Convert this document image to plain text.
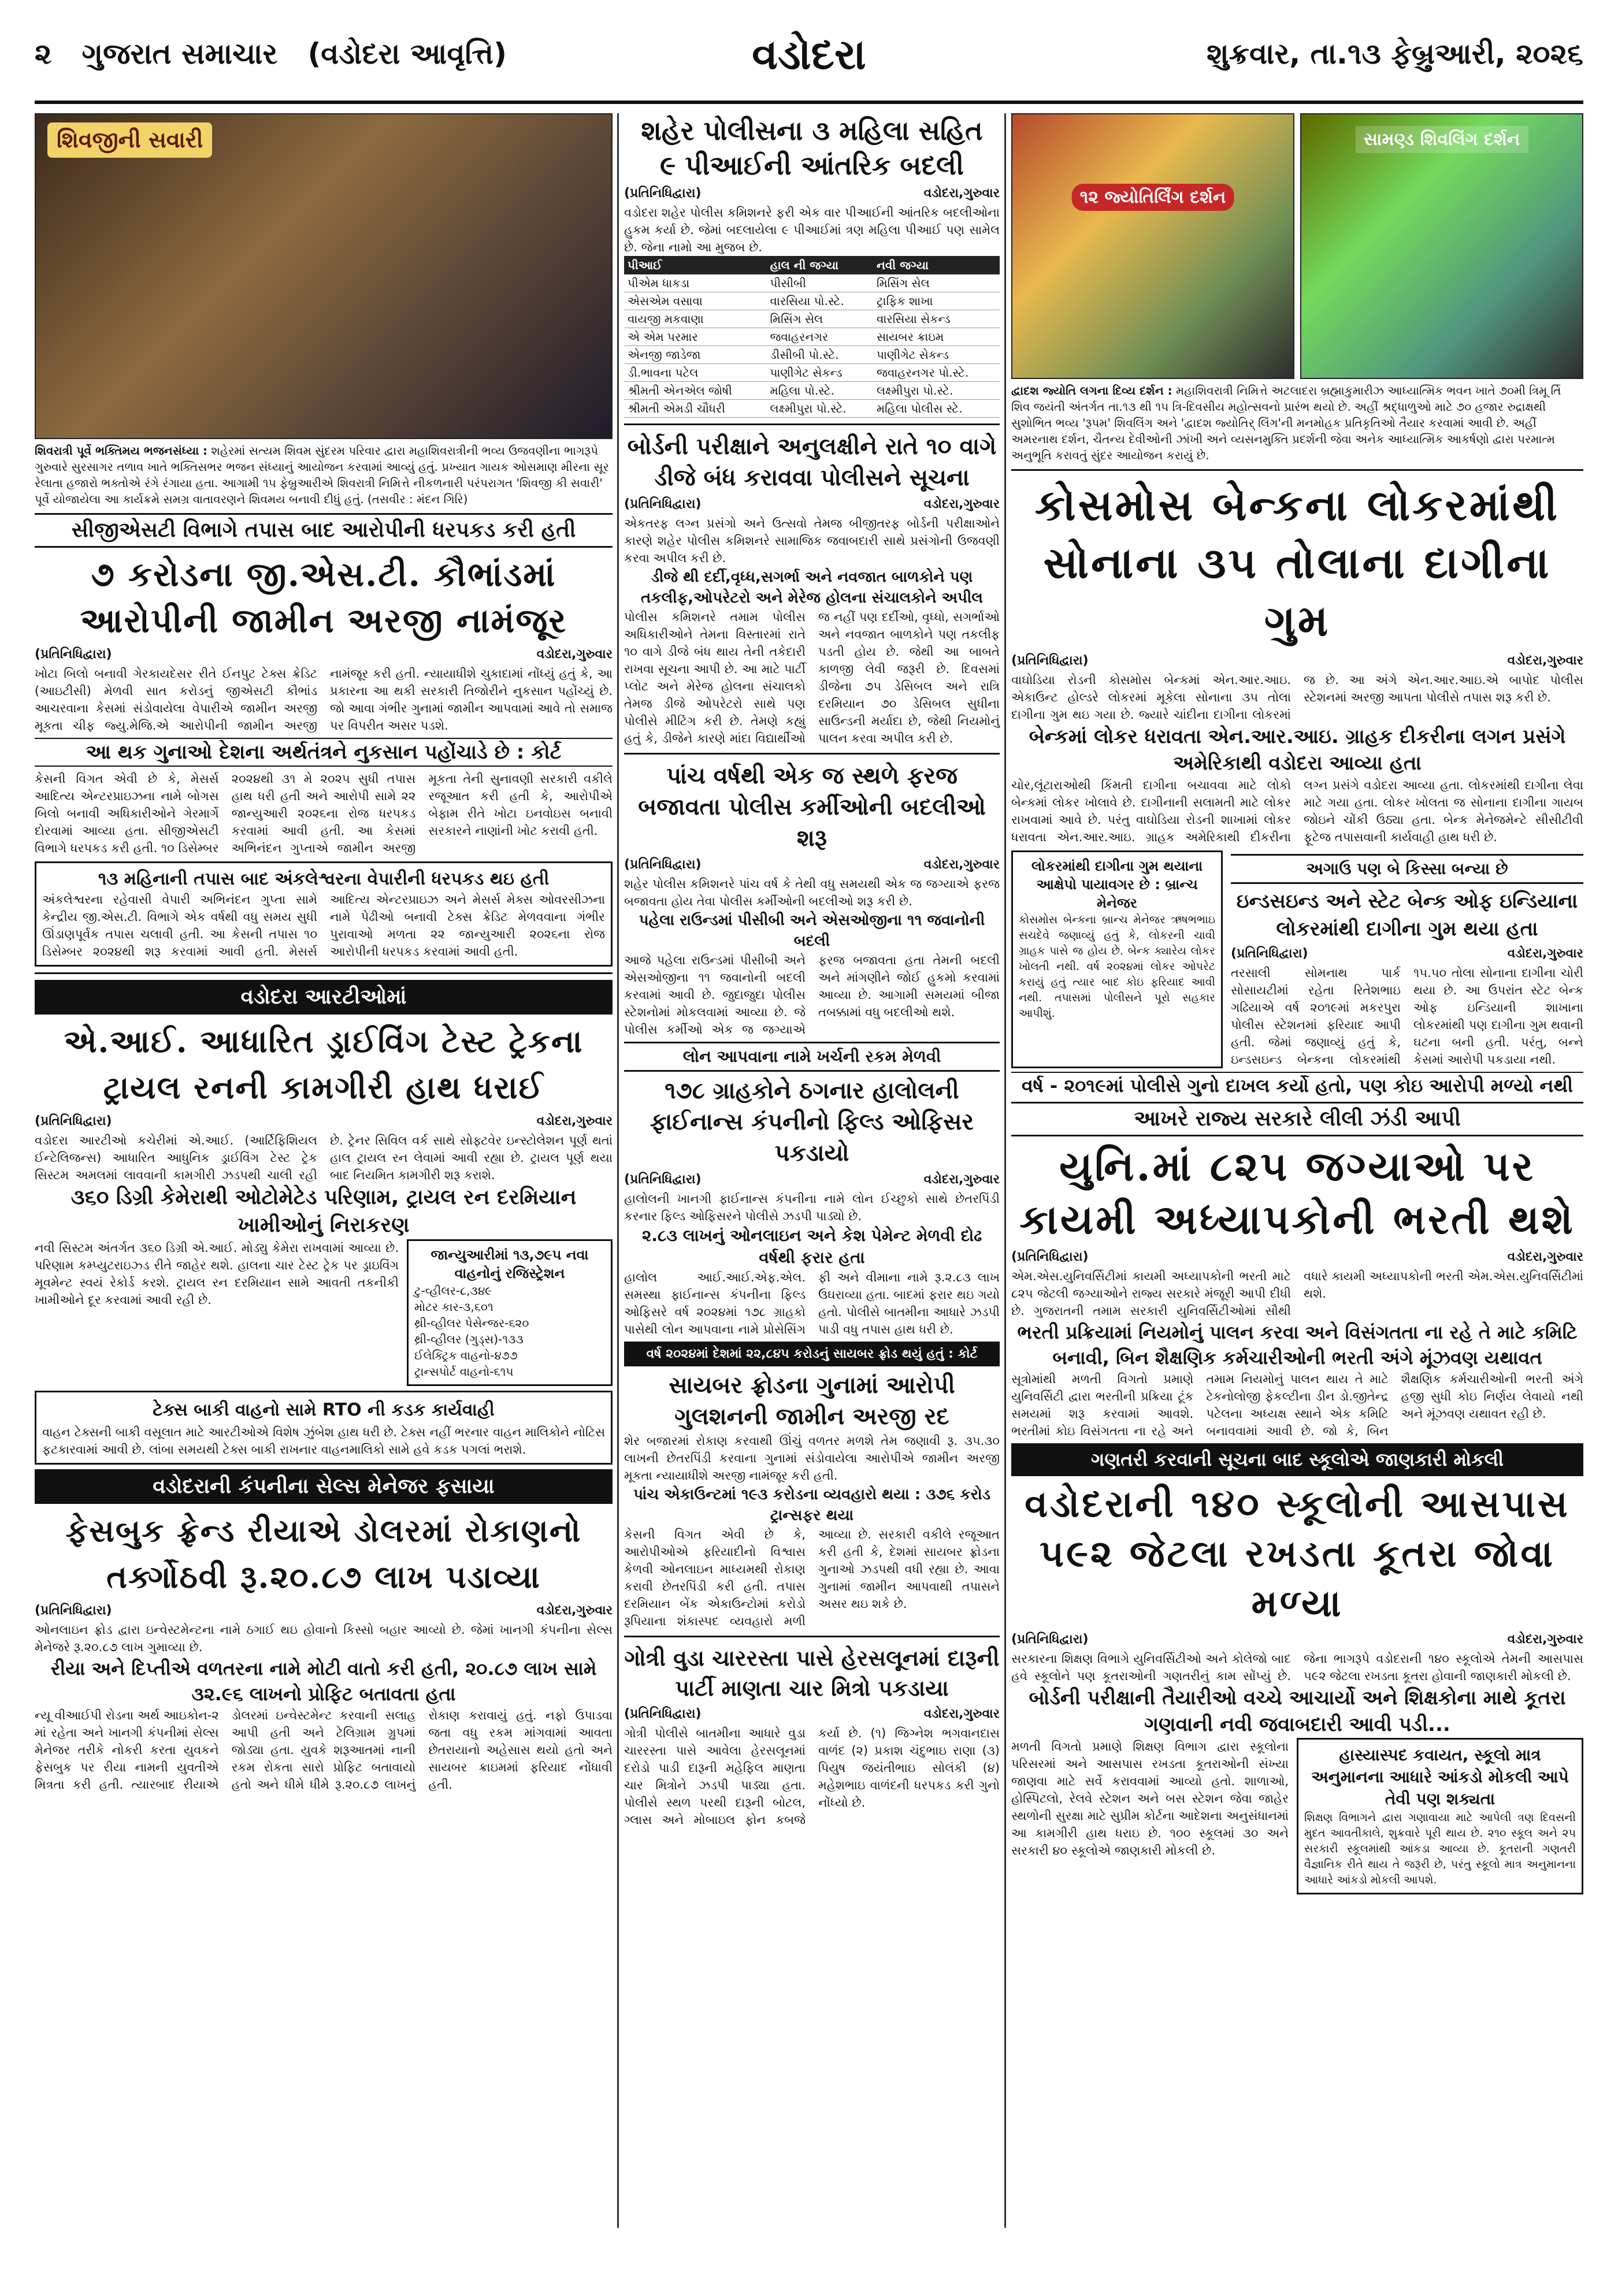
૨ ગુજરાત સમાચાર (વડોદરા આવૃત્તિ)	વડોદરા	શુક્રવાર, તા.૧૩ ફેબ્રુઆરી, ૨૦૨૬
શિવજીની સવારી
શિવરાત્રી પૂર્વે ભક્તિમય ભજનસંધ્યા : શહેરમાં સત્યમ શિવમ સુંદરમ પરિવાર દ્વારા મહાશિવરાત્રીની ભવ્ય ઉજવણીના ભાગરૂપે ગુરુવારે સુરસાગર તળાવ ખાતે ભક્તિસભર ભજન સંધ્યાનું આયોજન કરવામાં આવ્યું હતું. પ્રખ્યાત ગાયક ઓસમાણ મીરના સૂર રેલાતા હજારો ભક્તોએ રંગે રંગાયા હતા. આગામી ૧૫ ફેબ્રુઆરીએ શિવરાત્રી નિમિત્તે નીકળનારી પરંપરાગત 'શિવજી કી સવારી' પૂર્વે યોજાયેલા આ કાર્યક્રમે સમગ્ર વાતાવરણને શિવમય બનાવી દીધું હતું. (તસવીર : મંદન ગિરિ)
સીજીએસટી વિભાગે તપાસ બાદ આરોપીની ધરપકડ કરી હતી
૭ કરોડના જી.એસ.ટી. કૌભાંડમાં
આરોપીની જામીન અરજી નામંજૂર
(પ્રતિનિધિદ્વારા)	વડોદરા,ગુરુવાર
ખોટા બિલો બનાવી ગેરકાયદેસર રીતે ઈનપુટ ટેક્સ ક્રેડિટ (આઇટીસી) મેળવી સાત કરોડનું જીએસટી કૌભાંડ આચરવાના કેસમાં સંડોવાયેલા વેપારીએ જામીન અરજી મૂકતા ચીફ જ્યુ.મેજિ.એ આરોપીની જામીન અરજી નામંજૂર કરી હતી. ન્યાયાધીશે ચુકાદામાં નોંધ્યું હતું કે, આ પ્રકારના આ થકી સરકારી તિજોરીને નુકસાન પહોંચ્યું છે. જો આવા ગંભીર ગુનામાં જામીન આપવામાં આવે તો સમાજ પર વિપરીત અસર પડશે.
આ થક ગુનાઓ દેશના અર્થતંત્રને નુકસાન પહોંચાડે છે : કોર્ટ
કેસની વિગત એવી છે કે, મેસર્સ આદિત્ય એન્ટરપ્રાઇઝના નામે બોગસ બિલો બનાવી અધિકારીઓને ગેરમાર્ગે દોરવામાં આવ્યા હતા. સીજીએસટી વિભાગે ધરપકડ કરી હતી. ૧૦ ડિસેમ્બર ૨૦૨૪થી ૩૧ મે ૨૦૨૫ સુધી તપાસ હાથ ધરી હતી અને આરોપી સામે ૨૨ જાન્યુઆરી ૨૦૨૬ના રોજ ધરપકડ કરવામાં આવી હતી. આ કેસમાં અભિનંદન ગુપ્તાએ જામીન અરજી મૂકતા તેની સુનાવણી સરકારી વકીલે રજૂઆત કરી હતી કે, આરોપીએ બેફામ રીતે ખોટા ઇનવોઇસ બનાવી સરકારને નાણાંની ખોટ કરાવી હતી.
૧૩ મહિનાની તપાસ બાદ અંકલેશ્વરના વેપારીની ધરપકડ થઇ હતી
અંકલેશ્વરના રહેવાસી વેપારી અભિનંદન ગુપ્તા સામે કેન્દ્રીય જી.એસ.ટી. વિભાગે એક વર્ષથી વધુ સમય સુધી ઊંડાણપૂર્વક તપાસ ચલાવી હતી. આ કેસની તપાસ ૧૦ ડિસેમ્બર ૨૦૨૪થી શરૂ કરવામાં આવી હતી. મેસર્સ આદિત્ય એન્ટરપ્રાઇઝ અને મેસર્સ મેક્સ ઓવરસીઝના નામે પેઢીઓ બનાવી ટેક્સ ક્રેડિટ મેળવવાના ગંભીર પુરાવાઓ મળતા ૨૨ જાન્યુઆરી ૨૦૨૬ના રોજ આરોપીની ધરપકડ કરવામાં આવી હતી.
વડોદરા આરટીઓમાં
એ.આઈ. આધારિત ડ્રાઈવિંગ ટેસ્ટ ટ્રેકના
ટ્રાયલ રનની કામગીરી હાથ ધરાઈ
(પ્રતિનિધિદ્વારા)	વડોદરા,ગુરુવાર
વડોદરા આરટીઓ કચેરીમાં એ.આઈ. (આર્ટિફિશિયલ ઈન્ટેલિજન્સ) આધારિત આધુનિક ડ્રાઈવિંગ ટેસ્ટ ટ્રેક સિસ્ટમ અમલમાં લાવવાની કામગીરી ઝડપથી ચાલી રહી છે. ટ્રેનર સિવિલ વર્ક સાથે સોફ્ટવેર ઇન્સ્ટોલેશન પૂર્ણ થતાં હાલ ટ્રાયલ રન લેવામાં આવી રહ્યા છે. ટ્રાયલ પૂર્ણ થયા બાદ નિયમિત કામગીરી શરૂ કરાશે.
૩૬૦ ડિગ્રી કેમેરાથી ઓટોમેટેડ પરિણામ, ટ્રાયલ રન દરમિયાન ખામીઓનું નિરાકરણ
નવી સિસ્ટમ અંતર્ગત ૩૬૦ ડિગ્રી એ.આઈ. મોડ્યુ કેમેરા રાખવામાં આવ્યા છે. પરિણામ કમ્પ્યુટરાઇઝ્ડ રીતે જાહેર થશે. હાલના ચાર ટેસ્ટ ટ્રેક પર ડ્રાઇવિંગ મૂવમેન્ટ સ્વયં રેકોર્ડ કરશે. ટ્રાયલ રન દરમિયાન સામે આવતી તકનીકી ખામીઓને દૂર કરવામાં આવી રહી છે.
જાન્યુઆરીમાં ૧૩,૭૯૫ નવા વાહનોનું રજિસ્ટ્રેશન
ટુ-વ્હીલર-૮,૩૪૯
મોટર કાર-૩,૬૦૧
થ્રી-વ્હીલર પેસેન્જર-૬૨૦
થ્રી-વ્હીલર (ગુડ્સ)-૧૩૩
ઈલેક્ટ્રિક વાહનો-૪૭૭
ટ્રાન્સપોર્ટ વાહનો-૬૧૫
ટેક્સ બાકી વાહનો સામે RTO ની કડક કાર્યવાહી
વાહન ટેક્સની બાકી વસૂલાત માટે આરટીઓએ વિશેષ ઝુંબેશ હાથ ધરી છે. ટેક્સ નહીં ભરનાર વાહન માલિકોને નોટિસ ફટકારવામાં આવી છે. લાંબા સમયથી ટેક્સ બાકી રાખનાર વાહનમાલિકો સામે હવે કડક પગલાં ભરાશે.
વડોદરાની કંપનીના સેલ્સ મેનેજર ફસાયા
ફેસબુક ફ્રેન્ડ રીયાએ ડોલરમાં રોકાણનો
તર્ક્ગોઠવી રૂ.૨૦.૮૭ લાખ પડાવ્યા
(પ્રતિનિધિદ્વારા)	વડોદરા,ગુરુવાર
ઓનલાઇન ફ્રોડ દ્વારા ઇન્વેસ્ટમેન્ટના નામે ઠગાઈ થઇ હોવાનો કિસ્સો બહાર આવ્યો છે. જેમાં ખાનગી કંપનીના સેલ્સ મેનેજરે રૂ.૨૦.૮૭ લાખ ગુમાવ્યા છે.
રીયા અને દિપ્તીએ વળતરના નામે મોટી વાતો કરી હતી, ૨૦.૮૭ લાખ સામે ૩૨.૯૬ લાખનો પ્રોફિટ બતાવતા હતા
ન્યૂ વીઆઈપી રોડના અર્થ આઇકોન-૨ માં રહેતા અને ખાનગી કંપનીમાં સેલ્સ મેનેજર તરીકે નોકરી કરતા યુવકને ફેસબુક પર રીયા નામની યુવતીએ મિત્રતા કરી હતી. ત્યારબાદ રીયાએ ડોલરમાં ઇન્વેસ્ટમેન્ટ કરવાની સલાહ આપી હતી અને ટેલિગ્રામ ગ્રુપમાં જોડ્યા હતા. યુવકે શરૂઆતમાં નાની રકમ રોકતા સારો પ્રોફિટ બતાવાયો હતો અને ધીમે ધીમે રૂ.૨૦.૮૭ લાખનું રોકાણ કરાવાયું હતું. નફો ઉપાડવા જતા વધુ રકમ માંગવામાં આવતા છેતરાયાનો અહેસાસ થયો હતો અને સાયબર ક્રાઇમમાં ફરિયાદ નોંધાવી હતી.
શહેર પોલીસના ૩ મહિલા સહિત
૯ પીઆઈની આંતરિક બદલી
(પ્રતિનિધિદ્વારા)	વડોદરા,ગુરુવાર
વડોદરા શહેર પોલીસ કમિશનરે ફરી એક વાર પીઆઈની આંતરિક બદલીઓના હુકમ કર્યા છે. જેમાં બદલાયેલા ૯ પીઆઈમાં ત્રણ મહિલા પીઆઈ પણ સામેલ છે. જેના નામો આ મુજબ છે.
પીઆઈ	હાલ ની જગ્યા	નવી જગ્યા
પીએમ ધાકડા	પીસીબી	મિસિંગ સેલ
એસએમ વસાવા	વારસિયા પો.સ્ટે.	ટ્રાફિક શાખા
વાયજી મકવાણા	મિસિંગ સેલ	વારસિયા સેકન્ડ
એ એમ પરમાર	જવાહરનગર	સાયબર ક્રાઇમ
એનજી જાડેજા	ડીસીબી પો.સ્ટે.	પાણીગેટ સેકન્ડ
ડી.ભાવના પટેલ	પાણીગેટ સેકન્ડ	જવાહરનગર પો.સ્ટે.
શ્રીમતી એનએલ જોષી	મહિલા પો.સ્ટે.	લક્ષ્મીપુરા પો.સ્ટે.
શ્રીમતી એમડી ચૌધરી	લક્ષ્મીપુરા પો.સ્ટે.	મહિલા પોલીસ સ્ટે.
બોર્ડની પરીક્ષાને અનુલક્ષીને રાતે ૧૦ વાગે ડીજે બંધ કરાવવા પોલીસને સૂચના
(પ્રતિનિધિદ્વારા)	વડોદરા,ગુરુવાર
એકતરફ લગ્ન પ્રસંગો અને ઉત્સવો તેમજ બીજીતરફ બોર્ડની પરીક્ષાઓને કારણે શહેર પોલીસ કમિશનરે સામાજિક જવાબદારી સાથે પ્રસંગોની ઉજવણી કરવા અપીલ કરી છે.
ડીજે થી દર્દી,વૃધ્ધ,સગર્ભા અને નવજાત બાળકોને પણ તકલીફ,ઓપરેટરો અને મેરેજ હોલના સંચાલકોને અપીલ
પોલીસ કમિશનરે તમામ પોલીસ અધિકારીઓને તેમના વિસ્તારમાં રાતે ૧૦ વાગે ડીજે બંધ થાય તેની તકેદારી રાખવા સૂચના આપી છે. આ માટે પાર્ટી પ્લોટ અને મેરેજ હોલના સંચાલકો તેમજ ડીજે ઓપરેટરો સાથે પણ પોલીસે મીટિંગ કરી છે. તેમણે કહ્યું હતું કે, ડીજેને કારણે માંદા વિદ્યાર્થીઓ જ નહીં પણ દર્દીઓ, વૃધ્ધો, સગર્ભાઓ અને નવજાત બાળકોને પણ તકલીફ પડતી હોય છે. જેથી આ બાબતે કાળજી લેવી જરૂરી છે. દિવસમાં ડીજેના ૭૫ ડેસિબલ અને રાત્રિ દરમિયાન ૭૦ ડેસિબલ સુધીના સાઉન્ડની મર્યાદા છે, જેથી નિયમોનું પાલન કરવા અપીલ કરી છે.
પાંચ વર્ષથી એક જ સ્થળે ફરજ બજાવતા પોલીસ કર્મીઓની બદલીઓ શરૂ
(પ્રતિનિધિદ્વારા)	વડોદરા,ગુરુવાર
શહેર પોલીસ કમિશનરે પાંચ વર્ષ કે તેથી વધુ સમયથી એક જ જગ્યાએ ફરજ બજાવતા હોય તેવા પોલીસ કર્મીઓની બદલીઓ શરૂ કરી છે.
પહેલા રાઉન્ડમાં પીસીબી અને એસઓજીના ૧૧ જવાનોની બદલી
આજે પહેલા રાઉન્ડમાં પીસીબી અને એસઓજીના ૧૧ જવાનોની બદલી કરવામાં આવી છે. જુદાજુદા પોલીસ સ્ટેશનોમાં મોકલવામાં આવ્યા છે. જે પોલીસ કર્મીઓ એક જ જગ્યાએ ફરજ બજાવતા હતા તેમની બદલી અને માંગણીને જોઈ હુકમો કરવામાં આવ્યા છે. આગામી સમયમાં બીજા તબક્કામાં વધુ બદલીઓ થશે.
લોન આપવાના નામે ખર્ચની રકમ મેળવી
૧૭૮ ગ્રાહકોને ઠગનાર હાલોલની ફાઈનાન્સ કંપનીનો ફિલ્ડ ઓફિસર પકડાયો
(પ્રતિનિધિદ્વારા)	વડોદરા,ગુરુવાર
હાલોલની ખાનગી ફાઈનાન્સ કંપનીના નામે લોન ઈચ્છુકો સાથે છેતરપિંડી કરનાર ફિલ્ડ ઓફિસરને પોલીસે ઝડપી પાડ્યો છે.
૨.૮૩ લાખનું ઓનલાઇન અને કેશ પેમેન્ટ મેળવી દોઢ વર્ષથી ફરાર હતા
હાલોલ આઈ.આઈ.એફ.એલ. સમસ્થા ફાઈનાન્સ કંપનીના ફિલ્ડ ઓફિસરે વર્ષ ૨૦૨૪માં ૧૭૮ ગ્રાહકો પાસેથી લોન આપવાના નામે પ્રોસેસિંગ ફી અને વીમાના નામે રૂ.૨.૮૩ લાખ ઉઘરાવ્યા હતા. બાદમાં ફરાર થઇ ગયો હતો. પોલીસે બાતમીના આધારે ઝડપી પાડી વધુ તપાસ હાથ ધરી છે.
વર્ષ ૨૦૨૪માં દેશમાં ૨૨,૮૪૫ કરોડનું સાયબર ફ્રોડ થયું હતું : કોર્ટ
સાયબર ફ્રોડના ગુનામાં આરોપી ગુલશનની જામીન અરજી રદ
શેર બજારમાં રોકાણ કરવાથી ઊંચું વળતર મળશે તેમ જણાવી રૂ. ૩૫.૩૦ લાખની છેતરપિંડી કરવાના ગુનામાં સંડોવાયેલા આરોપીએ જામીન અરજી મૂકતા ન્યાયાધીશે અરજી નામંજૂર કરી હતી.
પાંચ એકાઉન્ટમાં ૧૯૩ કરોડના વ્યવહારો થયા : ૩૭૬ કરોડ ટ્રાન્સફર થયા
કેસની વિગત એવી છે કે, આરોપીઓએ ફરિયાદીનો વિશ્વાસ કેળવી ઓનલાઇન માધ્યમથી રોકાણ કરાવી છેતરપિંડી કરી હતી. તપાસ દરમિયાન બેંક એકાઉન્ટોમાં કરોડો રૂપિયાના શંકાસ્પદ વ્યવહારો મળી આવ્યા છે. સરકારી વકીલે રજૂઆત કરી હતી કે, દેશમાં સાયબર ફ્રોડના ગુનાઓ ઝડપથી વધી રહ્યા છે. આવા ગુનામાં જામીન આપવાથી તપાસને અસર થઇ શકે છે.
ગોત્રી વુડા ચારરસ્તા પાસે હેરસલૂનમાં દારૂની પાર્ટી માણતા ચાર મિત્રો પકડાયા
(પ્રતિનિધિદ્વારા)	વડોદરા,ગુરુવાર
ગોત્રી પોલીસે બાતમીના આધારે વુડા ચારરસ્તા પાસે આવેલા હેરસલૂનમાં દરોડો પાડી દારૂની મહેફિલ માણતા ચાર મિત્રોને ઝડપી પાડ્યા હતા. પોલીસે સ્થળ પરથી દારૂની બોટલ, ગ્લાસ અને મોબાઇલ ફોન કબજે કર્યા છે. (૧) જિગ્નેશ ભગવાનદાસ વાળંદ (૨) પ્રકાશ ચંદુભાઇ રાણા (૩) પિયુષ જયંતીભાઇ સોલંકી (૪) મહેશભાઇ વાળંદની ધરપકડ કરી ગુનો નોંધ્યો છે.
૧૨ જ્યોતિર્લિંગ દર્શન
સામણ્ડ શિવલિંગ દર્શન
દ્વાદશ જ્યોતિ લગના દિવ્ય દર્શન : મહાશિવરાત્રી નિમિત્તે અટલાદરા બ્રહ્માકુમારીઝ આધ્યાત્મિક ભવન ખાતે ૭૦મી ત્રિમૂ ર્તિ શિવ જયંતી અંતર્ગત તા.૧૩ થી ૧૫ ત્રિ-દિવસીય મહોત્સવનો પ્રારંભ થયો છે. અહીં શ્રદ્ધાળુઓ માટે ૭૦ હજાર રુદ્રાક્ષથી સુશોભિત ભવ્ય 'રૂપમ' શિવલિંગ અને 'દ્વાદશ જ્યોતિર્ લિંગ'ની મનમોહક પ્રતિકૃતિઓ તૈયાર કરવામાં આવી છે. અહીં અમરનાથ દર્શન, ચૈતન્ય દેવીઓની ઝાંખી અને વ્યસનમુક્તિ પ્રદર્શની જેવા અનેક આધ્યાત્મિક આકર્ષણો દ્વારા પરમાત્મ અનુભૂતિ કરાવતું સુંદર આયોજન કરાયું છે.
કોસમોસ બેન્કના લોકરમાંથી
સોનાના ૩૫ તોલાના દાગીના ગુમ
(પ્રતિનિધિદ્વારા)	વડોદરા,ગુરુવાર
વાઘોડિયા રોડની કોસમોસ બેન્કમાં એન.આર.આઇ. એકાઉન્ટ હોલ્ડરે લોકરમાં મૂકેલા સોનાના ૩૫ તોલા દાગીના ગુમ થઇ ગયા છે. જ્યારે ચાંદીના દાગીના લોકરમાં જ છે. આ અંગે એન.આર.આઇ.એ બાપોદ પોલીસ સ્ટેશનમાં અરજી આપતા પોલીસે તપાસ શરૂ કરી છે.
બેન્કમાં લોકર ધરાવતા એન.આર.આઇ. ગ્રાહક દીકરીના લગન પ્રસંગે અમેરિકાથી વડોદરા આવ્યા હતા
ચોર,લૂંટારાઓથી કિંમતી દાગીના બચાવવા માટે લોકો બેન્કમાં લોકર ખોલાવે છે. દાગીનાની સલામતી માટે લોકર રાખવામાં આવે છે. પરંતુ વાઘોડિયા રોડની શાખામાં લોકર ધરાવતા એન.આર.આઇ. ગ્રાહક અમેરિકાથી દીકરીના લગ્ન પ્રસંગે વડોદરા આવ્યા હતા. લોકરમાંથી દાગીના લેવા માટે ગયા હતા. લોકર ખોલતા જ સોનાના દાગીના ગાયબ જોઇને ચોંકી ઉઠ્યા હતા. બેન્ક મેનેજમેન્ટે સીસીટીવી ફૂટેજ તપાસવાની કાર્યવાહી હાથ ધરી છે.
લોકરમાંથી દાગીના ગુમ થયાના આક્ષેપો પાયાવગર છે : બ્રાન્ચ મેનેજર
કોસમોસ બેન્કના બ્રાન્ચ મેનેજર ઋષભભાઇ સચદેવે જણાવ્યું હતું કે, લોકરની ચાવી ગ્રાહક પાસે જ હોય છે. બેન્ક ક્યારેય લોકર ખોલતી નથી. વર્ષ ૨૦૨૪માં લોકર ઓપરેટ કરાયું હતું ત્યાર બાદ કોઇ ફરિયાદ આવી નથી. તપાસમાં પોલીસને પૂરો સહકાર આપીશું.
અગાઉ પણ બે કિસ્સા બન્યા છે
ઇન્ડસઇન્ડ અને સ્ટેટ બેન્ક ઓફ ઇન્ડિયાના લોકરમાંથી દાગીના ગુમ થયા હતા
(પ્રતિનિધિદ્વારા)	વડોદરા,ગુરુવાર
તરસાલી સોમનાથ પાર્ક સોસાયટીમાં રહેતા રિતેશભાઇ ગઢિયાએ વર્ષ ૨૦૧૯માં મકરપુરા પોલીસ સ્ટેશનમાં ફરિયાદ આપી હતી. જેમાં જણાવ્યું હતું કે, ઇન્ડસઇન્ડ બેન્કના લોકરમાંથી ૧૫.૫૦ તોલા સોનાના દાગીના ચોરી થયા છે. આ ઉપરાંત સ્ટેટ બેન્ક ઓફ ઇન્ડિયાની શાખાના લોકરમાંથી પણ દાગીના ગુમ થવાની ઘટના બની હતી. પરંતુ, બન્ને કેસમાં આરોપી પકડાયા નથી.
વર્ષ - ૨૦૧૯માં પોલીસે ગુનો દાખલ કર્યો હતો, પણ કોઇ આરોપી મળ્યો નથી
આખરે રાજ્ય સરકારે લીલી ઝંડી આપી
યુનિ.માં ૮૨૫ જગ્યાઓ પર
કાયમી અધ્યાપકોની ભરતી થશે
(પ્રતિનિધિદ્વારા)	વડોદરા,ગુરુવાર
એમ.એસ.યુનિવર્સિટીમાં કાયમી અધ્યાપકોની ભરતી માટે ૮૨૫ જેટલી જગ્યાઓને રાજ્ય સરકારે મંજૂરી આપી દીધી છે. ગુજરાતની તમામ સરકારી યુનિવર્સિટીઓમાં સૌથી વધારે કાયમી અધ્યાપકોની ભરતી એમ.એસ.યુનિવર્સિટીમાં થશે.
ભરતી પ્રક્રિયામાં નિયમોનું પાલન કરવા અને વિસંગતતા ના રહે તે માટે કમિટિ બનાવી, બિન શૈક્ષણિક કર્મચારીઓની ભરતી અંગે મૂંઝવણ યથાવત
સૂત્રોમાંથી મળતી વિગતો પ્રમાણે યુનિવર્સિટી દ્વારા ભરતીની પ્રક્રિયા ટૂંક સમયમાં શરૂ કરવામાં આવશે. ભરતીમાં કોઇ વિસંગતતા ના રહે અને તમામ નિયમોનું પાલન થાય તે માટે ટેકનોલોજી ફેકલ્ટીના ડીન ડો.જીતેન્દ્ર પટેલના અધ્યક્ષ સ્થાને એક કમિટિ બનાવવામાં આવી છે. જો કે, બિન શૈક્ષણિક કર્મચારીઓની ભરતી અંગે હજી સુધી કોઇ નિર્ણય લેવાયો નથી અને મૂંઝવણ યથાવત રહી છે.
ગણતરી કરવાની સૂચના બાદ સ્કૂલોએ જાણકારી મોકલી
વડોદરાની ૧૪૦ સ્કૂલોની આસપાસ
૫૯૨ જેટલા રખડતા કૂતરા જોવા મળ્યા
(પ્રતિનિધિદ્વારા)	વડોદરા,ગુરુવાર
સરકારના શિક્ષણ વિભાગે યુનિવર્સિટીઓ અને કોલેજો બાદ હવે સ્કૂલોને પણ કૂતરાઓની ગણતરીનું કામ સોંપ્યું છે. જેના ભાગરૂપે વડોદરાની ૧૪૦ સ્કૂલોએ તેમની આસપાસ ૫૯૨ જેટલા રખડતા કૂતરા હોવાની જાણકારી મોકલી છે.
બોર્ડની પરીક્ષાની તૈયારીઓ વચ્ચે આચાર્યો અને શિક્ષકોના માથે કૂતરા ગણવાની નવી જવાબદારી આવી પડી...
મળતી વિગતો પ્રમાણે શિક્ષણ વિભાગ દ્વારા સ્કૂલોના પરિસરમાં અને આસપાસ રખડતા કૂતરાઓની સંખ્યા જાણવા માટે સર્વે કરાવવામાં આવ્યો હતો. શાળાઓ, હોસ્પિટલો, રેલવે સ્ટેશન અને બસ સ્ટેશન જેવા જાહેર સ્થળોની સુરક્ષા માટે સુપ્રીમ કોર્ટના આદેશના અનુસંધાનમાં આ કામગીરી હાથ ધરાઇ છે. ૧૦૦ સ્કૂલમાં ૩૦ અને સરકારી ૪૦ સ્કૂલોએ જાણકારી મોકલી છે.
હાસ્યાસ્પદ કવાયત, સ્કૂલો માત્ર અનુમાનના આધારે આંકડો મોકલી આપે તેવી પણ શક્યતા
શિક્ષણ વિભાગને દ્વારા ગણાવાયા માટે આપેલી ત્રણ દિવસની મુદત આવતીકાલે, શુક્રવારે પૂરી થાય છે. ૨૧૦ સ્કૂલ અને ૨૫ સરકારી સ્કૂલમાંથી આંકડા આવ્યા છે. કૂતરાની ગણતરી વૈજ્ઞાનિક રીતે થાય તે જરૂરી છે, પરંતુ સ્કૂલો માત્ર અનુમાનના આધારે આંકડો મોકલી આપશે.
